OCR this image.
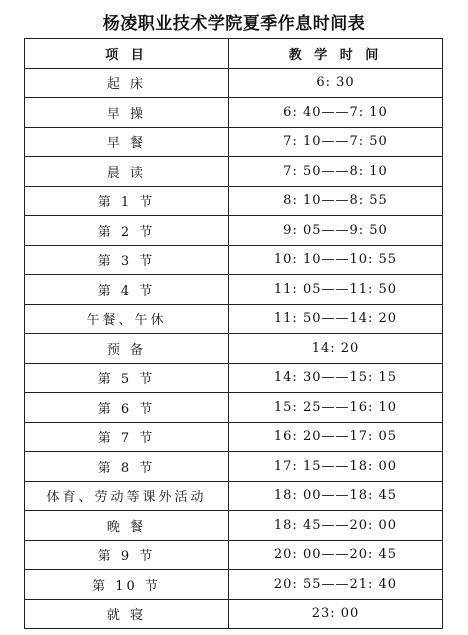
杨凌职业技术学院夏季作息时间表
项 目	教 学 时 间
起 床	6: 30
早 操	6: 40——7: 10
早 餐	7: 10——7: 50
晨 读	7: 50——8: 10
第 1 节	8: 10——8: 55
第 2 节	9: 05——9: 50
第 3 节	10: 10——10: 55
第 4 节	11: 05——11: 50
午餐、午休	11: 50——14: 20
预 备	14: 20
第 5 节	14: 30——15: 15
第 6 节	15: 25——16: 10
第 7 节	16: 20——17: 05
第 8 节	17: 15——18: 00
体育、劳动等课外活动	18: 00——18: 45
晚 餐	18: 45——20: 00
第 9 节	20: 00——20: 45
第 10 节	20: 55——21: 40
就 寝	23: 00
